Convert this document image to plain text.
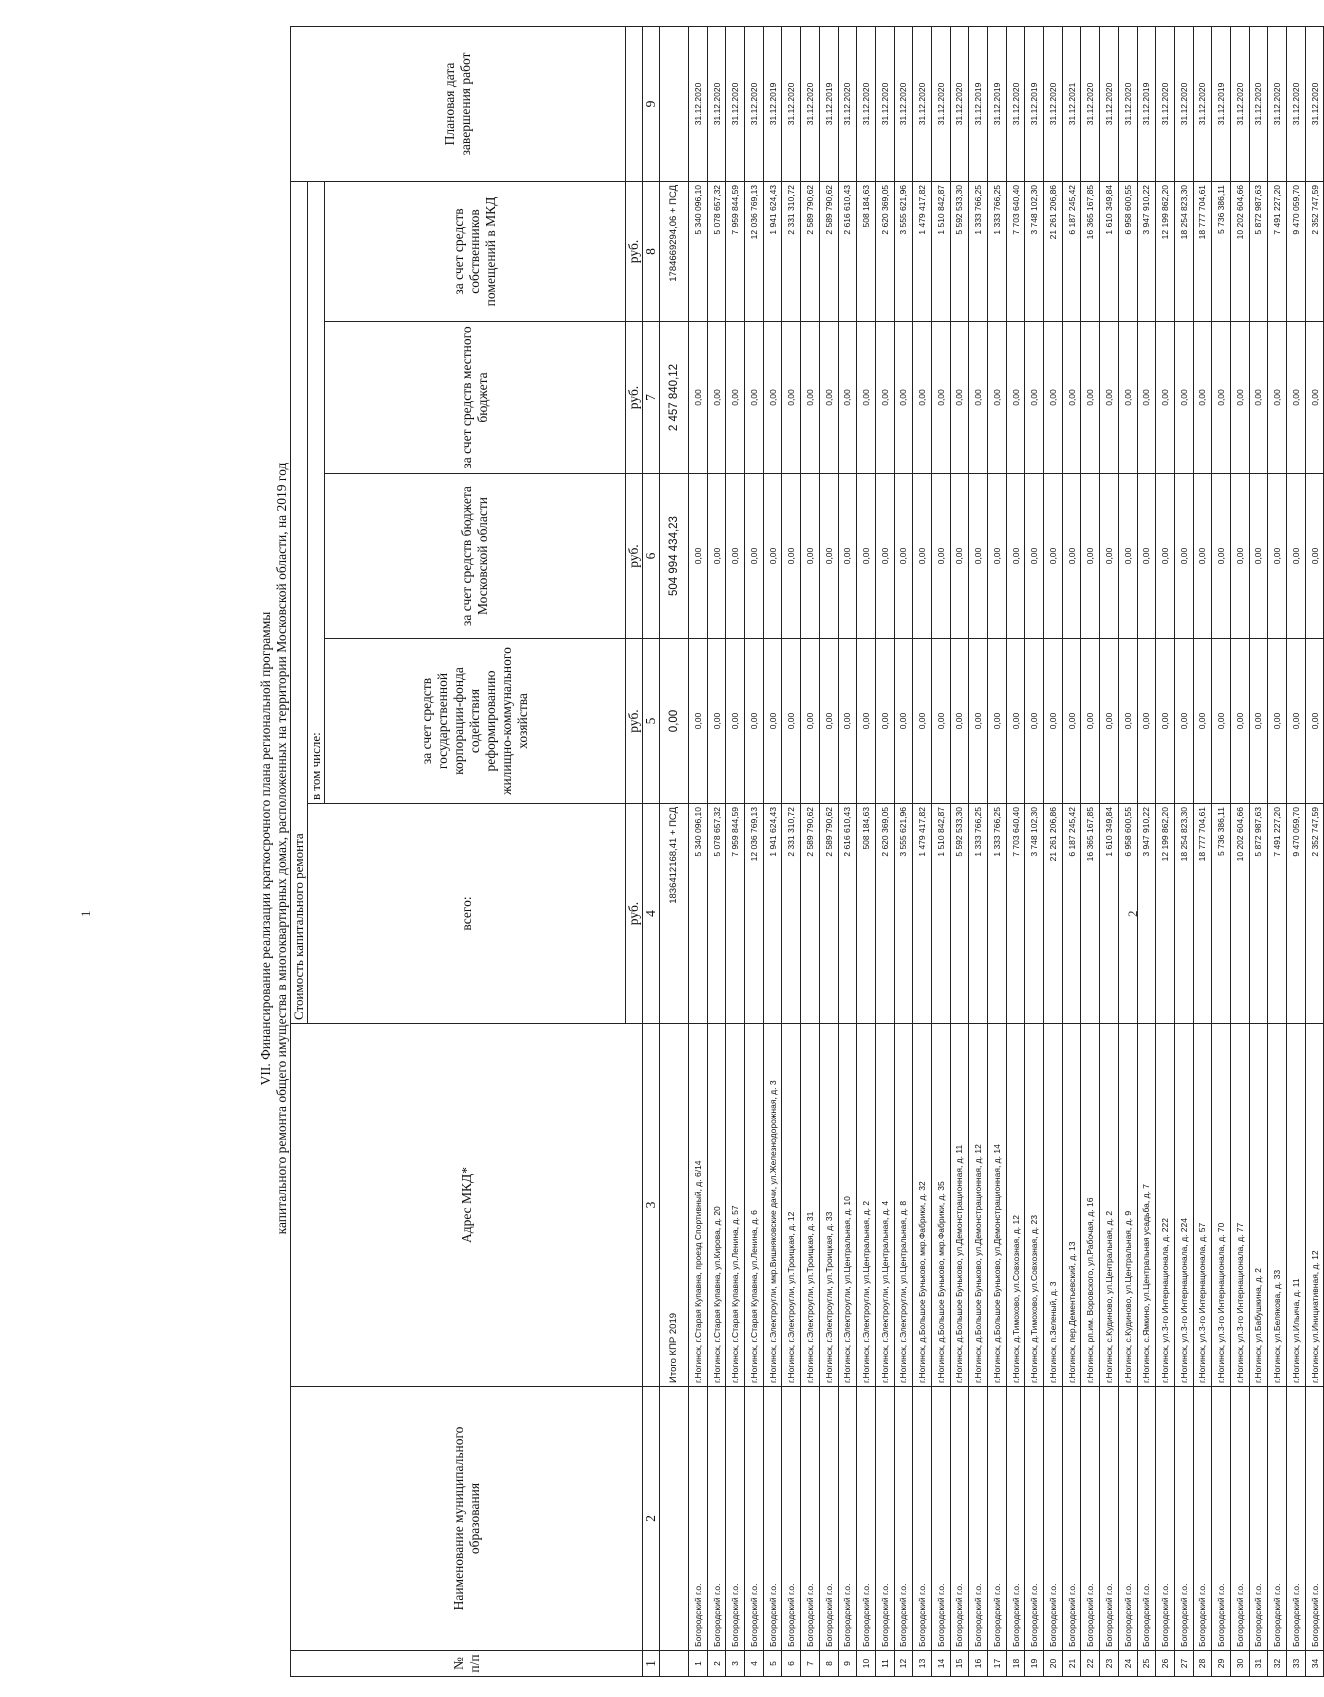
1	2
VII. Финансирование реализации краткосрочного плана региональной программы капитального ремонта общего имущества в многоквартирных домах, расположенных на территории Московской области, на 2019 год
№ п/п	Наименование муниципального образования	Адрес МКД*	Стоимость капитального ремонта					Плановая дата завершения работ
			всего:	в том числе:				
				за счет средств государственной корпорации-фонда содействия реформированию жилищно-коммунального хозяйства	за счет средств бюджета Московской области	за счет средств местного бюджета	за счет средств собственников помещений в МКД	
			руб.	руб.	руб.	руб.	руб.	
1	2	3	4	5	6	7	8	9
		Итого КПР 2019	1836412168,41 + ПСД	0,00	504 994 434,23	2 457 840,12	1784669294,06 + ПСД	
1	Богородский г.о.	г.Ногинск, г.Старая Купавна, проезд Спортивный, д. 6/14	5 340 096,10	0,00	0,00	0,00	5 340 096,10	31.12.2020
2	Богородский г.о.	г.Ногинск, г.Старая Купавна, ул.Кирова, д. 20	5 078 657,32	0,00	0,00	0,00	5 078 657,32	31.12.2020
3	Богородский г.о.	г.Ногинск, г.Старая Купавна, ул.Ленина, д. 57	7 959 844,59	0,00	0,00	0,00	7 959 844,59	31.12.2020
4	Богородский г.о.	г.Ногинск, г.Старая Купавна, ул.Ленина, д. 6	12 036 769,13	0,00	0,00	0,00	12 036 769,13	31.12.2020
5	Богородский г.о.	г.Ногинск, г.Электроугли, мкр.Вишняковские дачи, ул.Железнодорожная, д. 3	1 941 624,43	0,00	0,00	0,00	1 941 624,43	31.12.2019
6	Богородский г.о.	г.Ногинск, г.Электроугли, ул.Троицкая, д. 12	2 331 310,72	0,00	0,00	0,00	2 331 310,72	31.12.2020
7	Богородский г.о.	г.Ногинск, г.Электроугли, ул.Троицкая, д. 31	2 589 790,62	0,00	0,00	0,00	2 589 790,62	31.12.2020
8	Богородский г.о.	г.Ногинск, г.Электроугли, ул.Троицкая, д. 33	2 589 790,62	0,00	0,00	0,00	2 589 790,62	31.12.2019
9	Богородский г.о.	г.Ногинск, г.Электроугли, ул.Центральная, д. 10	2 616 610,43	0,00	0,00	0,00	2 616 610,43	31.12.2020
10	Богородский г.о.	г.Ногинск, г.Электроугли, ул.Центральная, д. 2	508 184,63	0,00	0,00	0,00	508 184,63	31.12.2020
11	Богородский г.о.	г.Ногинск, г.Электроугли, ул.Центральная, д. 4	2 620 369,05	0,00	0,00	0,00	2 620 369,05	31.12.2020
12	Богородский г.о.	г.Ногинск, г.Электроугли, ул.Центральная, д. 8	3 555 621,96	0,00	0,00	0,00	3 555 621,96	31.12.2020
13	Богородский г.о.	г.Ногинск, д.Большое Буньково, мкр.Фабрики, д. 32	1 479 417,82	0,00	0,00	0,00	1 479 417,82	31.12.2020
14	Богородский г.о.	г.Ногинск, д.Большое Буньково, мкр.Фабрики, д. 35	1 510 842,87	0,00	0,00	0,00	1 510 842,87	31.12.2020
15	Богородский г.о.	г.Ногинск, д.Большое Буньково, ул.Демонстрационная, д. 11	5 592 533,30	0,00	0,00	0,00	5 592 533,30	31.12.2020
16	Богородский г.о.	г.Ногинск, д.Большое Буньково, ул.Демонстрационная, д. 12	1 333 766,25	0,00	0,00	0,00	1 333 766,25	31.12.2019
17	Богородский г.о.	г.Ногинск, д.Большое Буньково, ул.Демонстрационная, д. 14	1 333 766,25	0,00	0,00	0,00	1 333 766,25	31.12.2019
18	Богородский г.о.	г.Ногинск, д.Тимохово, ул.Совхозная, д. 12	7 703 640,40	0,00	0,00	0,00	7 703 640,40	31.12.2020
19	Богородский г.о.	г.Ногинск, д.Тимохово, ул.Совхозная, д. 23	3 748 102,30	0,00	0,00	0,00	3 748 102,30	31.12.2019
20	Богородский г.о.	г.Ногинск, п.Зеленый, д. 3	21 261 206,86	0,00	0,00	0,00	21 261 206,86	31.12.2020
21	Богородский г.о.	г.Ногинск, пер.Дементьевский, д. 13	6 187 245,42	0,00	0,00	0,00	6 187 245,42	31.12.2021
22	Богородский г.о.	г.Ногинск, рп.им. Воровского, ул.Рабочая, д. 16	16 365 167,85	0,00	0,00	0,00	16 365 167,85	31.12.2020
23	Богородский г.о.	г.Ногинск, с.Кудиново, ул.Центральная, д. 2	1 610 349,84	0,00	0,00	0,00	1 610 349,84	31.12.2020
24	Богородский г.о.	г.Ногинск, с.Кудиново, ул.Центральная, д. 9	6 958 600,55	0,00	0,00	0,00	6 958 600,55	31.12.2020
25	Богородский г.о.	г.Ногинск, с.Ямкино, ул.Центральная усадьба, д. 7	3 947 910,22	0,00	0,00	0,00	3 947 910,22	31.12.2019
26	Богородский г.о.	г.Ногинск, ул.3-го Интернационала, д. 222	12 199 862,20	0,00	0,00	0,00	12 199 862,20	31.12.2020
27	Богородский г.о.	г.Ногинск, ул.3-го Интернационала, д. 224	18 254 823,30	0,00	0,00	0,00	18 254 823,30	31.12.2020
28	Богородский г.о.	г.Ногинск, ул.3-го Интернационала, д. 57	18 777 704,61	0,00	0,00	0,00	18 777 704,61	31.12.2020
29	Богородский г.о.	г.Ногинск, ул.3-го Интернационала, д. 70	5 736 386,11	0,00	0,00	0,00	5 736 386,11	31.12.2019
30	Богородский г.о.	г.Ногинск, ул.3-го Интернационала, д. 77	10 202 604,66	0,00	0,00	0,00	10 202 604,66	31.12.2020
31	Богородский г.о.	г.Ногинск, ул.Бабушкина, д. 2	5 872 987,63	0,00	0,00	0,00	5 872 987,63	31.12.2020
32	Богородский г.о.	г.Ногинск, ул.Белякова, д. 33	7 491 227,20	0,00	0,00	0,00	7 491 227,20	31.12.2020
33	Богородский г.о.	г.Ногинск, ул.Ильича, д. 11	9 470 059,70	0,00	0,00	0,00	9 470 059,70	31.12.2020
34	Богородский г.о.	г.Ногинск, ул.Инициативная, д. 12	2 352 747,59	0,00	0,00	0,00	2 352 747,59	31.12.2020
